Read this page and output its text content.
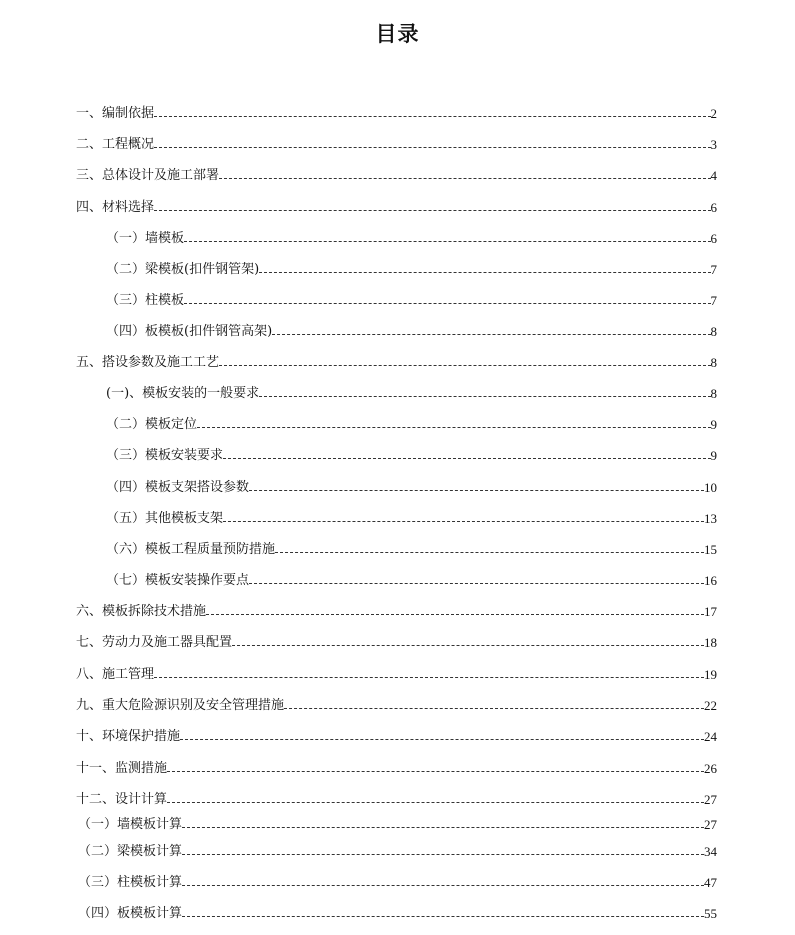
目录
一、编制依据	2
二、工程概况	3
三、总体设计及施工部署	4
四、材料选择	6
（一）墙模板	6
（二）梁模板(扣件钢管架)	7
（三）柱模板	7
（四）板模板(扣件钢管高架)	8
五、搭设参数及施工工艺	8
(一)、模板安装的一般要求	8
（二）模板定位	9
（三）模板安装要求	9
（四）模板支架搭设参数	10
（五）其他模板支架	13
（六）模板工程质量预防措施	15
（七）模板安装操作要点	16
六、模板拆除技术措施	17
七、劳动力及施工器具配置	18
八、施工管理	19
九、重大危险源识别及安全管理措施	22
十、环境保护措施	24
十一、监测措施	26
十二、设计计算	27
（一）墙模板计算	27
（二）梁模板计算	34
（三）柱模板计算	47
（四）板模板计算	55
